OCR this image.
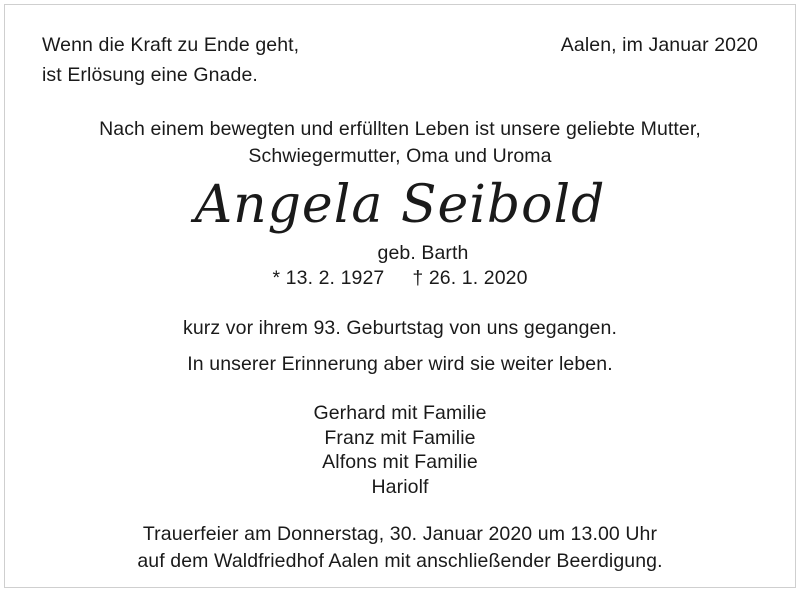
Wenn die Kraft zu Ende geht,
ist Erlösung eine Gnade.
Aalen, im Januar 2020
Nach einem bewegten und erfüllten Leben ist unsere geliebte Mutter,
Schwiegermutter, Oma und Uroma
Angela Seibold
geb. Barth
* 13. 2. 1927 † 26. 1. 2020
kurz vor ihrem 93. Geburtstag von uns gegangen.
In unserer Erinnerung aber wird sie weiter leben.
Gerhard mit Familie
Franz mit Familie
Alfons mit Familie
Hariolf
Trauerfeier am Donnerstag, 30. Januar 2020 um 13.00 Uhr
auf dem Waldfriedhof Aalen mit anschließender Beerdigung.
